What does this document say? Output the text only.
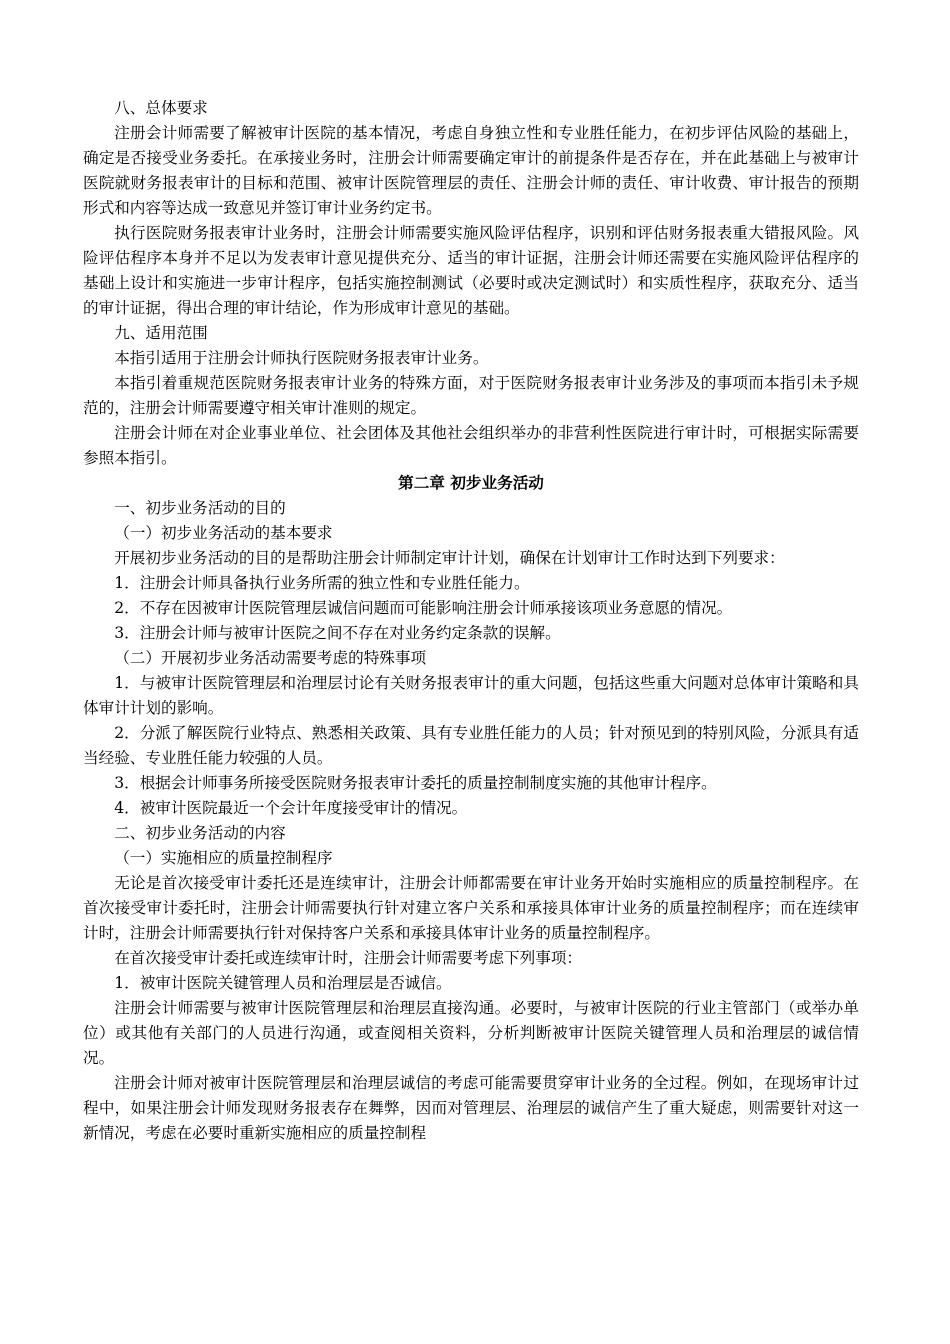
八、总体要求

注册会计师需要了解被审计医院的基本情况，考虑自身独立性和专业胜任能力，在初步评估风险的基础上，确定是否接受业务委托。在承接业务时，注册会计师需要确定审计的前提条件是否存在，并在此基础上与被审计医院就财务报表审计的目标和范围、被审计医院管理层的责任、注册会计师的责任、审计收费、审计报告的预期形式和内容等达成一致意见并签订审计业务约定书。

执行医院财务报表审计业务时，注册会计师需要实施风险评估程序，识别和评估财务报表重大错报风险。风险评估程序本身并不足以为发表审计意见提供充分、适当的审计证据，注册会计师还需要在实施风险评估程序的基础上设计和实施进一步审计程序，包括实施控制测试（必要时或决定测试时）和实质性程序，获取充分、适当的审计证据，得出合理的审计结论，作为形成审计意见的基础。

九、适用范围

本指引适用于注册会计师执行医院财务报表审计业务。

本指引着重规范医院财务报表审计业务的特殊方面，对于医院财务报表审计业务涉及的事项而本指引未予规范的，注册会计师需要遵守相关审计准则的规定。

注册会计师在对企业事业单位、社会团体及其他社会组织举办的非营利性医院进行审计时，可根据实际需要参照本指引。

第二章 初步业务活动

一、初步业务活动的目的

（一）初步业务活动的基本要求

开展初步业务活动的目的是帮助注册会计师制定审计计划，确保在计划审计工作时达到下列要求：

1．注册会计师具备执行业务所需的独立性和专业胜任能力。

2．不存在因被审计医院管理层诚信问题而可能影响注册会计师承接该项业务意愿的情况。

3．注册会计师与被审计医院之间不存在对业务约定条款的误解。

（二）开展初步业务活动需要考虑的特殊事项

1．与被审计医院管理层和治理层讨论有关财务报表审计的重大问题，包括这些重大问题对总体审计策略和具体审计计划的影响。

2．分派了解医院行业特点、熟悉相关政策、具有专业胜任能力的人员；针对预见到的特别风险，分派具有适当经验、专业胜任能力较强的人员。

3．根据会计师事务所接受医院财务报表审计委托的质量控制制度实施的其他审计程序。

4．被审计医院最近一个会计年度接受审计的情况。

二、初步业务活动的内容

（一）实施相应的质量控制程序

无论是首次接受审计委托还是连续审计，注册会计师都需要在审计业务开始时实施相应的质量控制程序。在首次接受审计委托时，注册会计师需要执行针对建立客户关系和承接具体审计业务的质量控制程序；而在连续审计时，注册会计师需要执行针对保持客户关系和承接具体审计业务的质量控制程序。

在首次接受审计委托或连续审计时，注册会计师需要考虑下列事项：

1．被审计医院关键管理人员和治理层是否诚信。

注册会计师需要与被审计医院管理层和治理层直接沟通。必要时，与被审计医院的行业主管部门（或举办单位）或其他有关部门的人员进行沟通，或查阅相关资料，分析判断被审计医院关键管理人员和治理层的诚信情况。

注册会计师对被审计医院管理层和治理层诚信的考虑可能需要贯穿审计业务的全过程。例如，在现场审计过程中，如果注册会计师发现财务报表存在舞弊，因而对管理层、治理层的诚信产生了重大疑虑，则需要针对这一新情况，考虑在必要时重新实施相应的质量控制程
